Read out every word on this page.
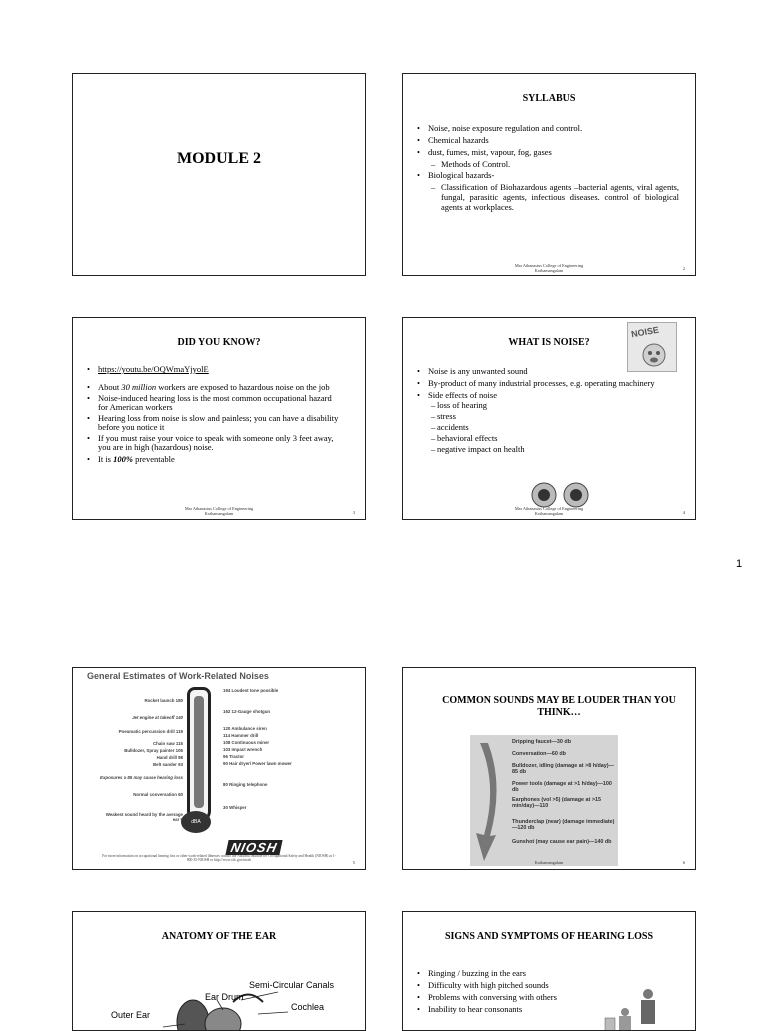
MODULE 2
SYLLABUS
• Noise, noise exposure regulation and control.
• Chemical hazards
• dust, fumes, mist, vapour, fog, gases
– Methods of Control.
• Biological hazards-
– Classification of Biohazardous agents –bacterial agents, viral agents, fungal, parasitic agents, infectious diseases. control of biological agents at workplaces.
Mar Athanasius College of Engineering
Kothamangalam	2
DID YOU KNOW?
• https://youtu.be/OQWmaYjyolE
• About 30 million workers are exposed to hazardous noise on the job
• Noise-induced hearing loss is the most common occupational hazard for American workers
• Hearing loss from noise is slow and painless; you can have a disability before you notice it
• If you must raise your voice to speak with someone only 3 feet away, you are in high (hazardous) noise.
• It is 100% preventable
Mar Athanasius College of Engineering
Kothamangalam	3
WHAT IS NOISE?
NOISE
• Noise is any unwanted sound
• By-product of many industrial processes, e.g. operating machinery
• Side effects of noise
– loss of hearing
– stress
– accidents
– behavioral effects
– negative impact on health
Mar Athanasius College of Engineering
Kothamangalam	4
1
General Estimates of Work-Related Noises
dBA
Rocket launch 180
Jet engine at takeoff 140
Pneumatic percussion drill 119
Chain saw 115
Bulldozer, Spray painter 105
Hand drill 98
Belt sander 93
Exposures ≥ 85 may cause hearing loss
Normal conversation 60
Weakest sound heard by the average ear 0
194 Loudest tone possible
162 12-Gauge shotgun
120 Ambulance siren
114 Hammer drill
108 Continuous miner
103 Impact wrench
96 Tractor
90 Hair dryer/ Power lawn mower
80 Ringing telephone
30 Whisper
NIOSH
For more information on occupational hearing loss or other work-related illnesses contact the National Institute for Occupational Safety and Health (NIOSH) at 1-800-35-NIOSH or http://www.cdc.gov/niosh	5
COMMON SOUNDS MAY BE LOUDER THAN YOU THINK…
Dripping faucet—30 db
Conversation—60 db
Bulldozer, idling (damage at >8 h/day)—85 db
Power tools (damage at >1 h/day)—100 db
Earphones (vol >5) (damage at >15 min/day)—110
Thunderclap (near) (damage immediate)—120 db
Gunshot (may cause ear pain)—140 db
Kothamangalam	6
ANATOMY OF THE EAR
Semi-Circular Canals
Ear Drum
Cochlea
Outer Ear
SIGNS AND SYMPTOMS OF HEARING LOSS
• Ringing / buzzing in the ears
• Difficulty with high pitched sounds
• Problems with conversing with others
• Inability to hear consonants
